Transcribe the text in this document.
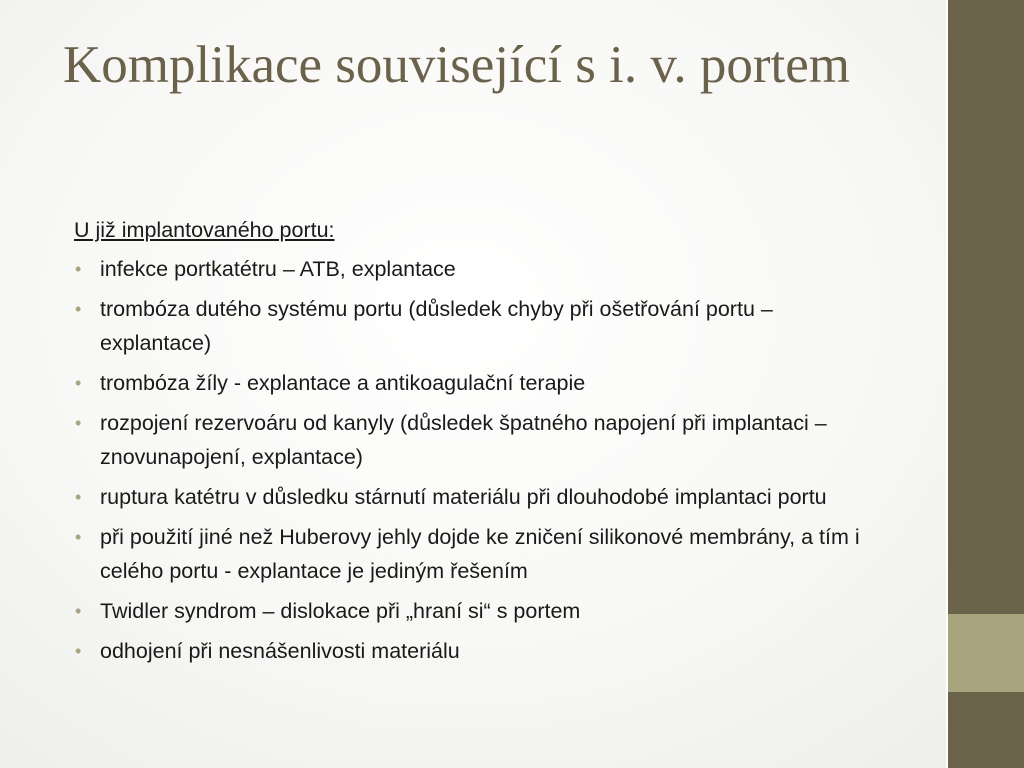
Komplikace související s i. v. portem

U již implantovaného portu:

• infekce portkatétru – ATB, explantace
• trombóza dutého systému portu (důsledek chyby při ošetřování portu – explantace)
• trombóza žíly - explantace a antikoagulační terapie
• rozpojení rezervoáru od kanyly (důsledek špatného napojení při implantaci – znovunapojení, explantace)
• ruptura katétru v důsledku stárnutí materiálu při dlouhodobé implantaci portu
• při použití jiné než Huberovy jehly dojde ke zničení silikonové membrány, a tím i celého portu - explantace je jediným řešením
• Twidler syndrom – dislokace při „hraní si“ s portem
• odhojení při nesnášenlivosti materiálu
